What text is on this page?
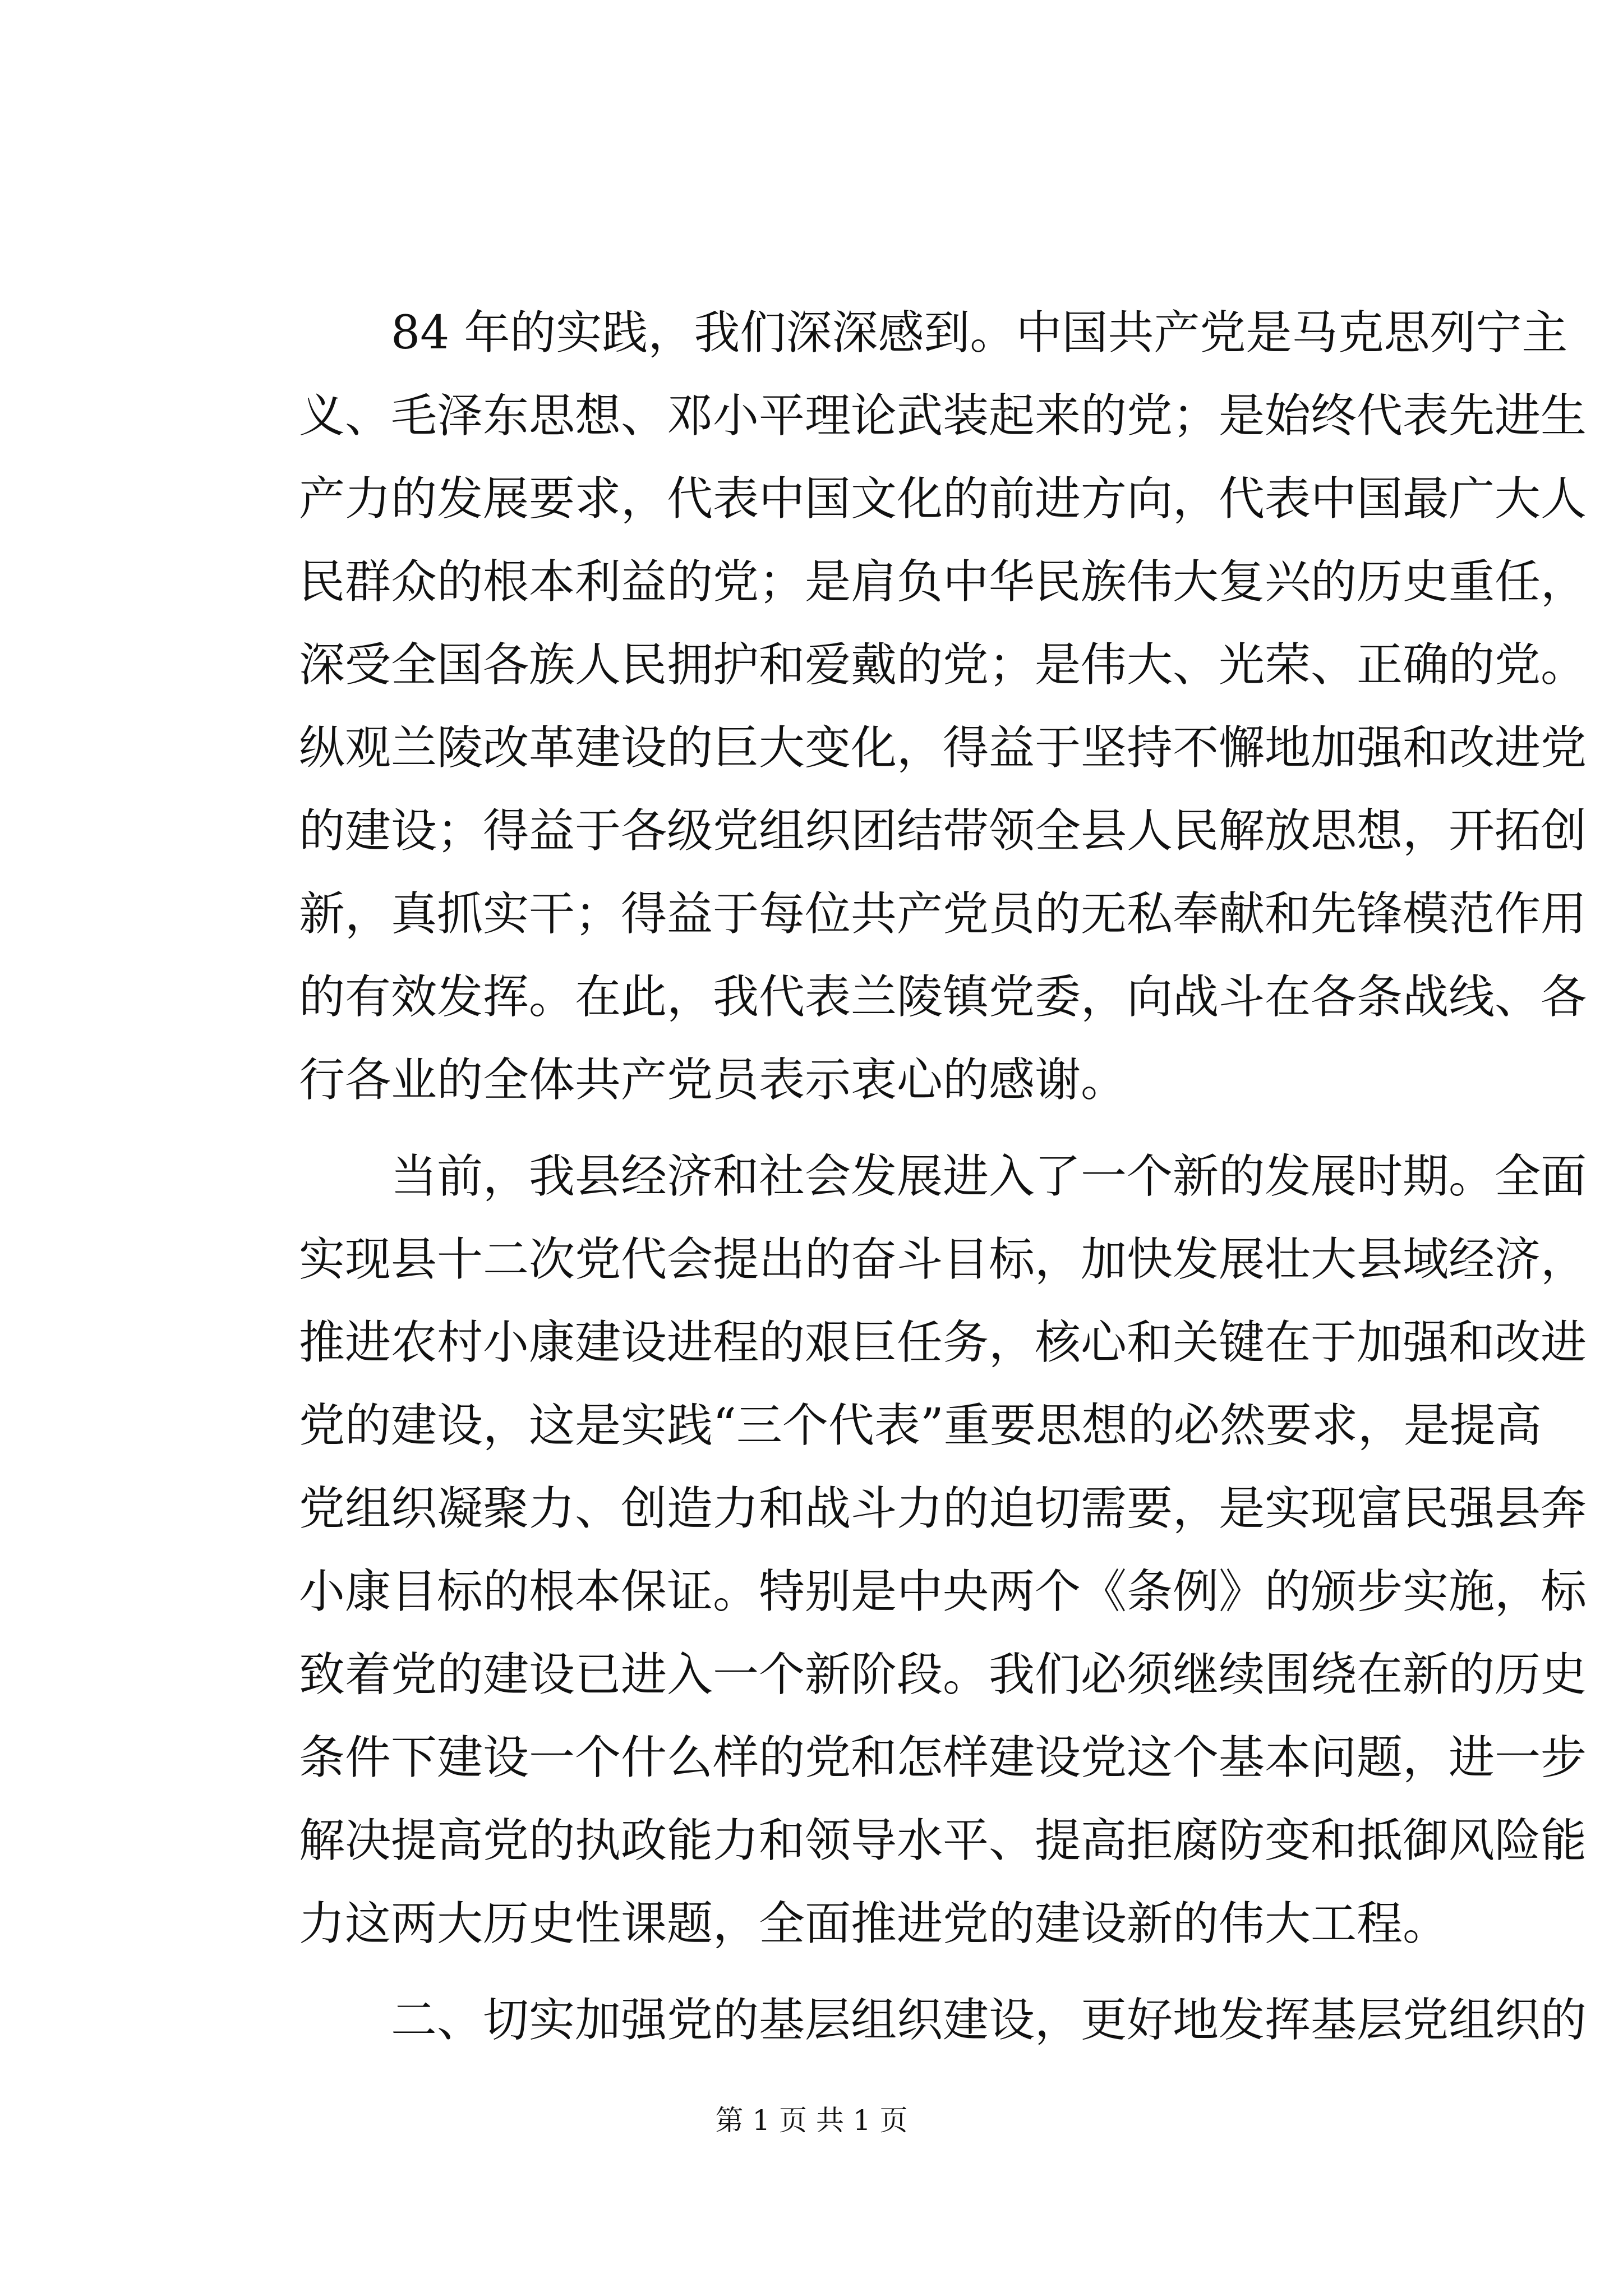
84 年的实践，我们深深感到。中国共产党是马克思列宁主
义、毛泽东思想、邓小平理论武装起来的党；是始终代表先进生
产力的发展要求，代表中国文化的前进方向，代表中国最广大人
民群众的根本利益的党；是肩负中华民族伟大复兴的历史重任，
深受全国各族人民拥护和爱戴的党；是伟大、光荣、正确的党。
纵观兰陵改革建设的巨大变化，得益于坚持不懈地加强和改进党
的建设；得益于各级党组织团结带领全县人民解放思想，开拓创
新，真抓实干；得益于每位共产党员的无私奉献和先锋模范作用
的有效发挥。在此，我代表兰陵镇党委，向战斗在各条战线、各
行各业的全体共产党员表示衷心的感谢。
当前，我县经济和社会发展进入了一个新的发展时期。全面
实现县十二次党代会提出的奋斗目标，加快发展壮大县域经济，
推进农村小康建设进程的艰巨任务，核心和关键在于加强和改进
党的建设，这是实践“三个代表”重要思想的必然要求，是提高
党组织凝聚力、创造力和战斗力的迫切需要，是实现富民强县奔
小康目标的根本保证。特别是中央两个《条例》的颁步实施，标
致着党的建设已进入一个新阶段。我们必须继续围绕在新的历史
条件下建设一个什么样的党和怎样建设党这个基本问题，进一步
解决提高党的执政能力和领导水平、提高拒腐防变和抵御风险能
力这两大历史性课题，全面推进党的建设新的伟大工程。
二、切实加强党的基层组织建设，更好地发挥基层党组织的
第 1 页 共 1 页
